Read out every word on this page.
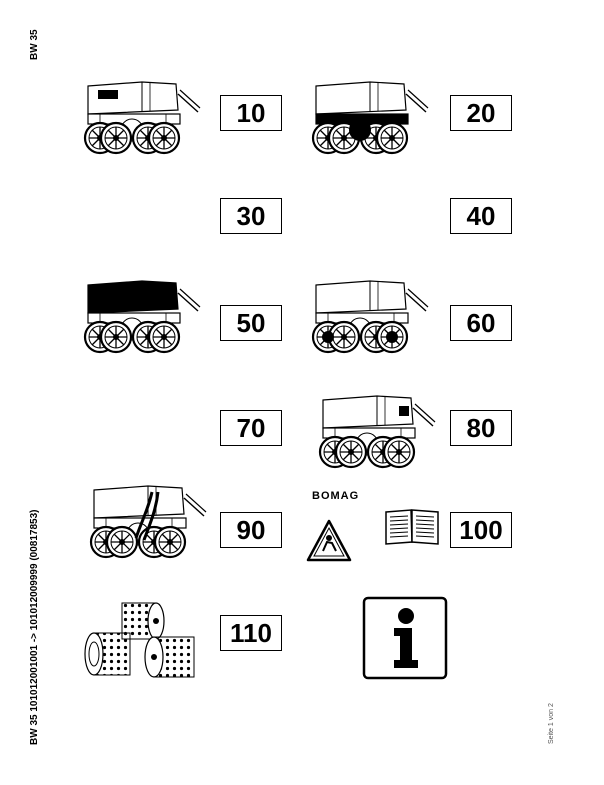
BW 35
BW 35 101012001001 -> 101012009999 (00817853)	Seite 1 von 2
10	20
30	40
50	60
70	80
90
BOMAG
100
110
